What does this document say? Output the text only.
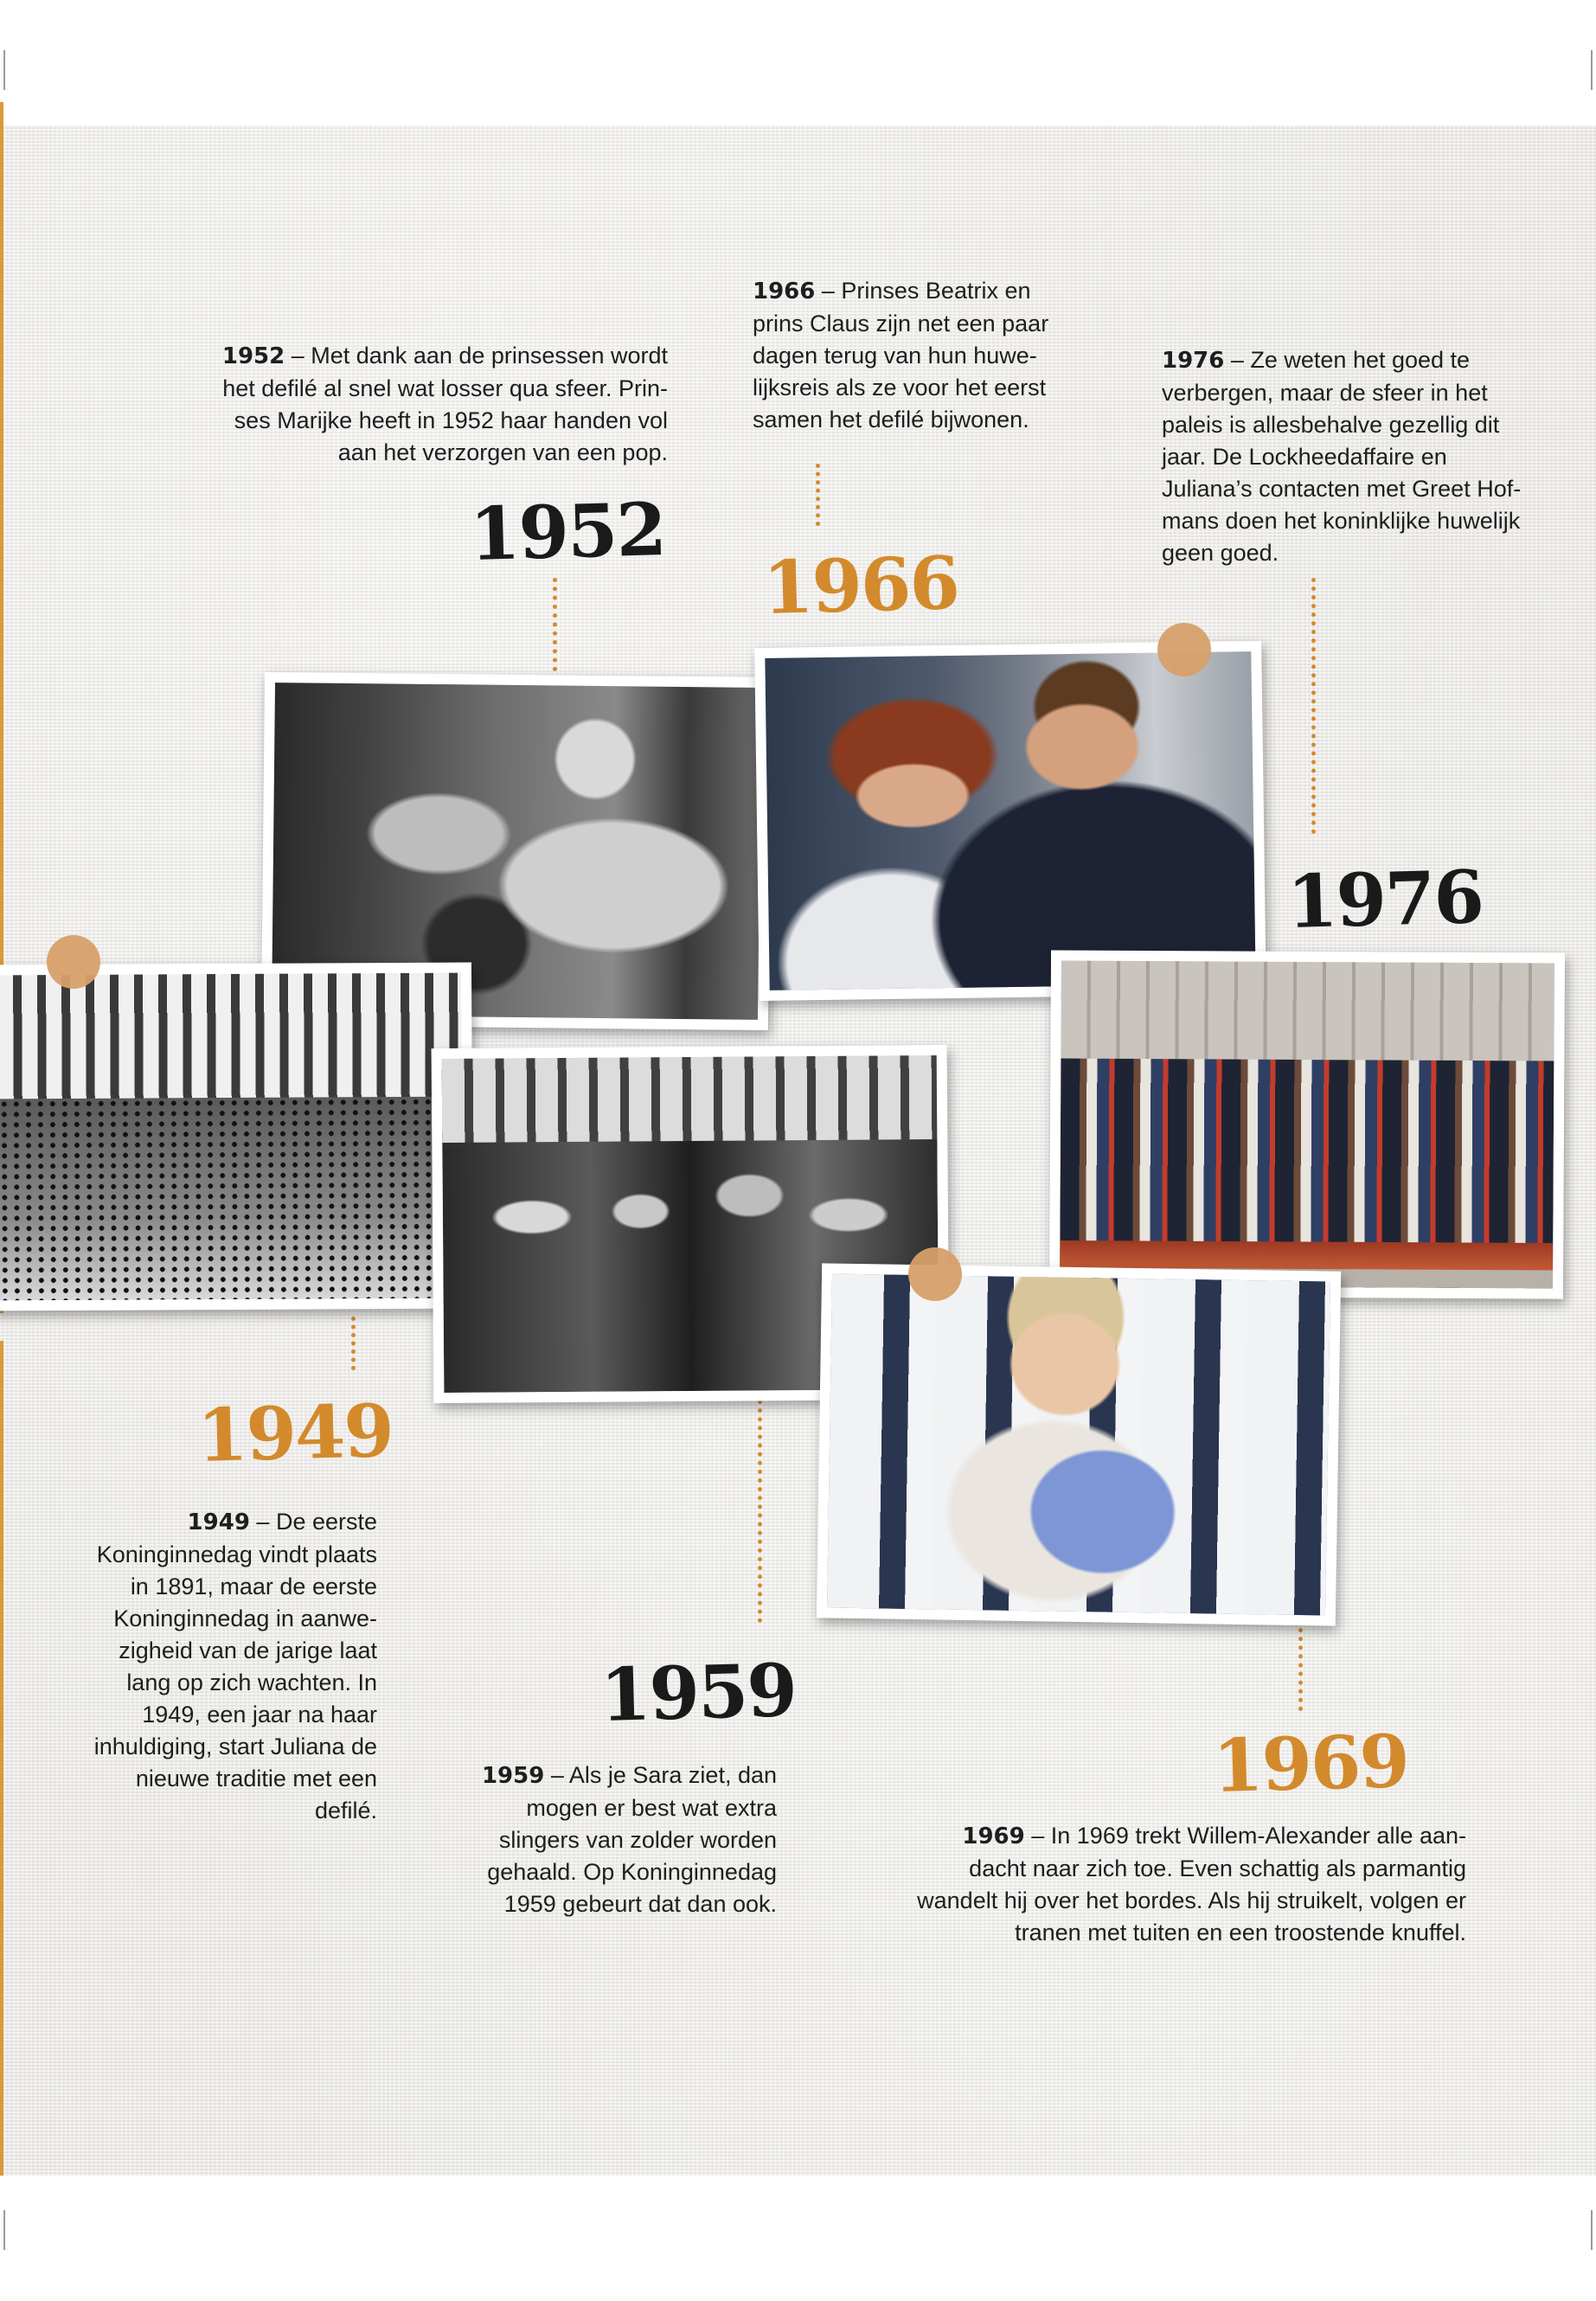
1952 – Met dank aan de prinsessen wordt het defilé al snel wat losser qua sfeer. Prin-ses Marijke heeft in 1952 haar handen vol aan het verzorgen van een pop.
1966 – Prinses Beatrix en prins Claus zijn net een paar dagen terug van hun huwe-lijksreis als ze voor het eerst samen het defilé bijwonen.
1976 – Ze weten het goed te verbergen, maar de sfeer in het paleis is allesbehalve gezellig dit jaar. De Lockheedaffaire en Juliana’s contacten met Greet Hof-mans doen het koninklijke huwelijk geen goed.
1949 – De eerste Koninginnedag vindt plaats in 1891, maar de eerste Koninginnedag in aanwe-zigheid van de jarige laat lang op zich wachten. In 1949, een jaar na haar inhuldiging, start Juliana de nieuwe traditie met een defilé.
1959 – Als je Sara ziet, dan mogen er best wat extra slingers van zolder worden gehaald. Op Koninginnedag 1959 gebeurt dat dan ook.
1969 – In 1969 trekt Willem-Alexander alle aan-dacht naar zich toe. Even schattig als parmantig wandelt hij over het bordes. Als hij struikelt, volgen er tranen met tuiten en een troostende knuffel.
1952
1966
1976
1949
1959
1969
